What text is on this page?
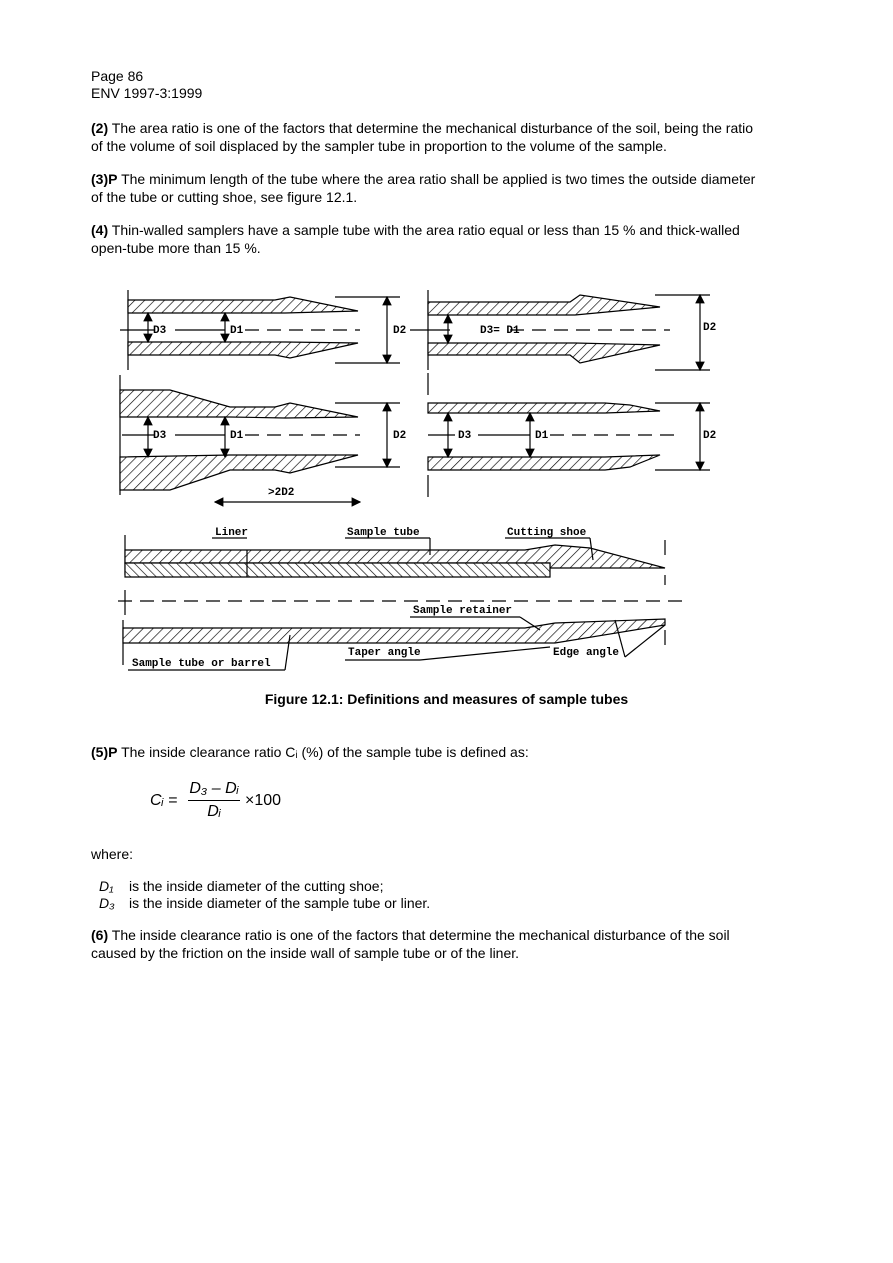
Page 86
ENV 1997-3:1999
(2) The area ratio is one of the factors that determine the mechanical disturbance of the soil, being the ratio of the volume of soil displaced by the sampler tube in proportion to the volume of the sample.
(3)P The minimum length of the tube where the area ratio shall be applied is two times the outside diameter of the tube or cutting shoe, see figure 12.1.
(4) Thin-walled samplers have a sample tube with the area ratio equal or less than 15 % and thick-walled open-tube more than 15 %.
D3	D1	D2	D3= D1	D2
D3	D1	D2	D3	D1	D2
>2D2
Liner	Sample tube	Cutting shoe
Sample retainer
Sample tube or barrel
Taper angle	Edge angle
Figure 12.1: Definitions and measures of sample tubes
(5)P The inside clearance ratio Cᵢ (%) of the sample tube is defined as:
Cᵢ = $\frac{\text{D₃ – Dᵢ}}{\text{Dᵢ}} \times 100$
where:
D₁ is the inside diameter of the cutting shoe;
D₃ is the inside diameter of the sample tube or liner.
(6) The inside clearance ratio is one of the factors that determine the mechanical disturbance of the soil caused by the friction on the inside wall of sample tube or of the liner.
